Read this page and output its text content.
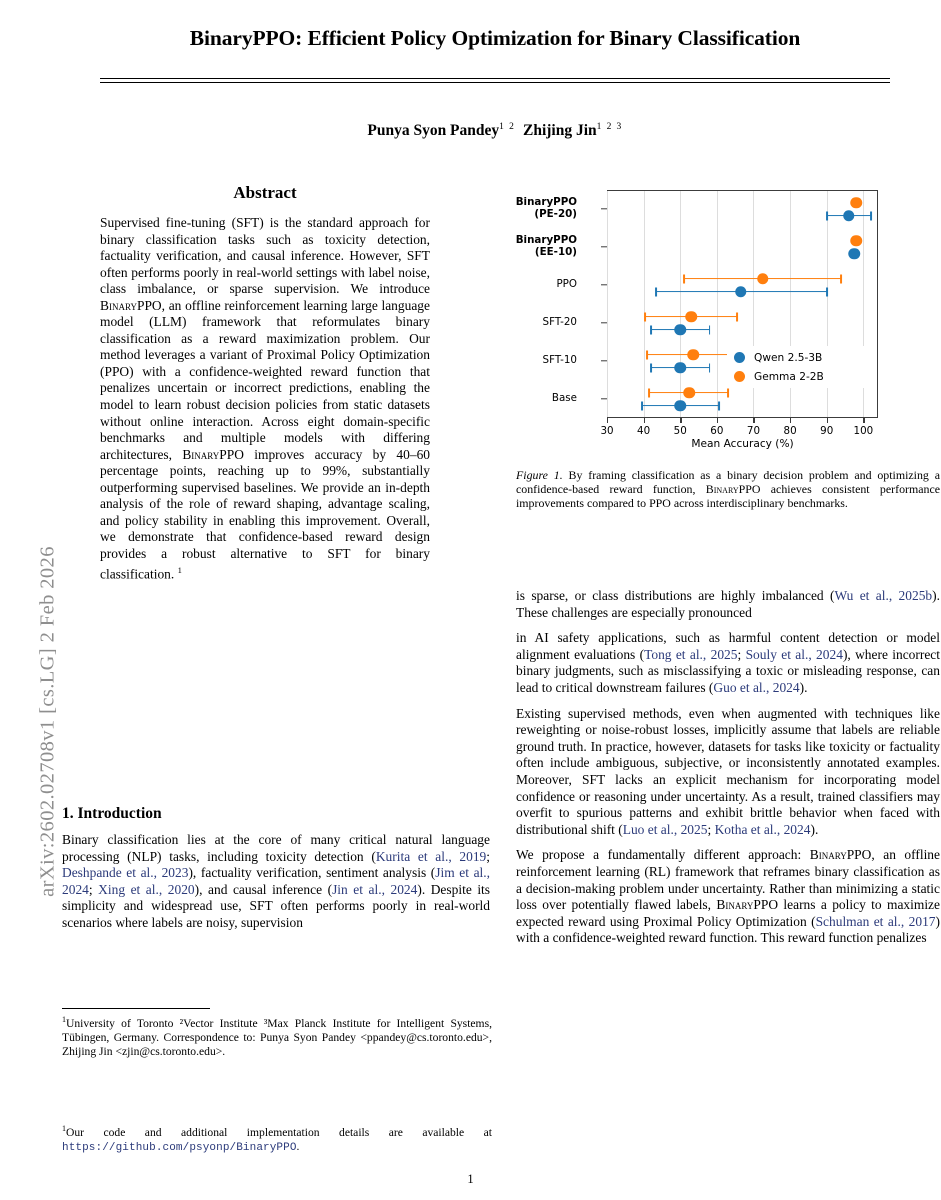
arXiv:2602.02708v1 [cs.LG] 2 Feb 2026
BinaryPPO: Efficient Policy Optimization for Binary Classification
Punya Syon Pandey$^{1 2}$ Zhijing Jin$^{1 2 3}$
Abstract
Supervised fine-tuning (SFT) is the standard approach for binary classification tasks such as toxicity detection, factuality verification, and causal inference. However, SFT often performs poorly in real-world settings with label noise, class imbalance, or sparse supervision. We introduce BinaryPPO, an offline reinforcement learning large language model (LLM) framework that reformulates binary classification as a reward maximization problem. Our method leverages a variant of Proximal Policy Optimization (PPO) with a confidence-weighted reward function that penalizes uncertain or incorrect predictions, enabling the model to learn robust decision policies from static datasets without online interaction. Across eight domain-specific benchmarks and multiple models with differing architectures, BinaryPPO improves accuracy by 40–60 percentage points, reaching up to 99%, substantially outperforming supervised baselines. We provide an in-depth analysis of the role of reward shaping, advantage scaling, and policy stability in enabling this improvement. Overall, we demonstrate that confidence-based reward design provides a robust alternative to SFT for binary classification. $^1$
1. Introduction

Binary classification lies at the core of many critical natural language processing (NLP) tasks, including toxicity detection (Kurita et al., 2019; Deshpande et al., 2023), factuality verification, sentiment analysis (Jim et al., 2024; Xing et al., 2020), and causal inference (Jin et al., 2024). Despite its simplicity and widespread use, SFT often performs poorly in real-world scenarios where labels are noisy, supervision

$^1$University of Toronto ²Vector Institute ³Max Planck Institute for Intelligent Systems, Tübingen, Germany. Correspondence to: Punya Syon Pandey <ppandey@cs.toronto.edu>, Zhijing Jin <zjin@cs.toronto.edu>.
$^1$Our code and additional implementation details are available at https://github.com/psyonp/BinaryPPO.
30 40 50 60 70 80 90 100
BinaryPPO
(PE-20)
BinaryPPO
(EE-10)
PPO
SFT-20
SFT-10
Base
Mean Accuracy (%)
Qwen 2.5-3B
Gemma 2-2B
Figure 1. By framing classification as a binary decision problem and optimizing a confidence-based reward function, BinaryPPO achieves consistent performance improvements compared to PPO across interdisciplinary benchmarks.

is sparse, or class distributions are highly imbalanced (Wu et al., 2025b). These challenges are especially pronounced

in AI safety applications, such as harmful content detection or model alignment evaluations (Tong et al., 2025; Souly et al., 2024), where incorrect binary judgments, such as misclassifying a toxic or misleading response, can lead to critical downstream failures (Guo et al., 2024).

Existing supervised methods, even when augmented with techniques like reweighting or noise-robust losses, implicitly assume that labels are reliable ground truth. In practice, however, datasets for tasks like toxicity or factuality often include ambiguous, subjective, or inconsistently annotated examples. Moreover, SFT lacks an explicit mechanism for incorporating model confidence or reasoning under uncertainty. As a result, trained classifiers may overfit to spurious patterns and exhibit brittle behavior when faced with distributional shift (Luo et al., 2025; Kotha et al., 2024).

We propose a fundamentally different approach: BinaryPPO, an offline reinforcement learning (RL) framework that reframes binary classification as a decision-making problem under uncertainty. Rather than minimizing a static loss over potentially flawed labels, BinaryPPO learns a policy to maximize expected reward using Proximal Policy Optimization (Schulman et al., 2017) with a confidence-weighted reward function. This reward function penalizes

1
